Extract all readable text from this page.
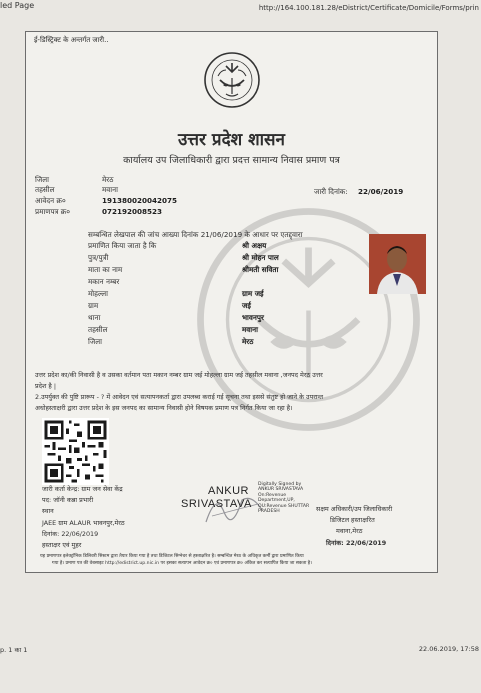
led Page	http://164.100.181.28/eDistrict/Certificate/Domicile/Forms/prin
ई-डिस्ट्रिक्ट के अन्तर्गत जारी..
उत्तर प्रदेश शासन
कार्यालय उप जिलाधिकारी द्वारा प्रदत्त सामान्य निवास प्रमाण पत्र
जिला	मेरठ
तहसील	मवाना
आवेदन क्र०	191380020042075
प्रमाणपत्र क्र०	072192008523
जारी दिनांक: 22/06/2019
सम्बन्धित लेखपाल की जांच आख्या दिनांक 21/06/2019 के आधार पर एतद्द्वारा
प्रमाणित किया जाता है कि	श्री अक्षय
पुत्र/पुत्री	श्री मोहन पाल
माता का नाम	श्रीमती सविता
मकान नम्बर
मोहल्ला	ग्राम जई
ग्राम	जई
थाना	भावनपुर
तहसील	मवाना
जिला	मेरठ
उत्तर प्रदेश का/की निवासी है व उसका वर्तमान पता मकान नम्बर ग्राम जई मोहल्ला ग्राम जई तहसील मवाना ,जनपद मेरठ उत्तर
प्रदेश है |
2.उपर्युक्त की पुष्टि प्रारूप - ? में आवेदन एवं सत्यापनकर्ता द्वारा उपलब्ध कराई गई सूचना तथा इससे संतुष्ट हो जाने के उपरान्त
अधोहस्ताक्षरी द्वारा उत्तर प्रदेश के इस जनपद का सामान्य निवासी होने विषयक प्रमाण पत्र निर्गत किया जा रहा है।
जारी कर्ता केन्द्र: ग्राम जन सेवा केंद्र
पद: जॉनी कन्ना प्रभारी
स्थान
JAEE ग्राम ALAUR भावनपुर,मेरठ
दिनांक: 22/06/2019
हस्ताक्षर एवं मुहर
ANKUR
SRIVASTAVA
Digitally Signed by ANKUR SRIVASTAVA On:Revenue Department,UP, OU:Revenue SHUTTAR PRADESH	सक्षम अधिकारी/उप जिलाधिकारी
डिजिटल हस्ताक्षरित
मवाना,मेरठ
दिनांक: 22/06/2019
यह प्रमाणपत्र इलेक्ट्रॉनिक डिलिवरी सिस्टम द्वारा तैयार किया गया है तथा डिजिटल सिग्नेचर से हस्ताक्षरित है। सम्बन्धित मेरठ के अधिकृत कर्मी द्वारा प्रमाणित किया
गया है। प्रमाण पत्र की वेबसाइट http://edistrict.up.nic.in पर इसका सत्यापन आवेदन क्र० एवं प्रमाणपत्र क्र० अंकित कर सत्यापित किया जा सकता है।
p. 1 का 1	22.06.2019, 17:58
